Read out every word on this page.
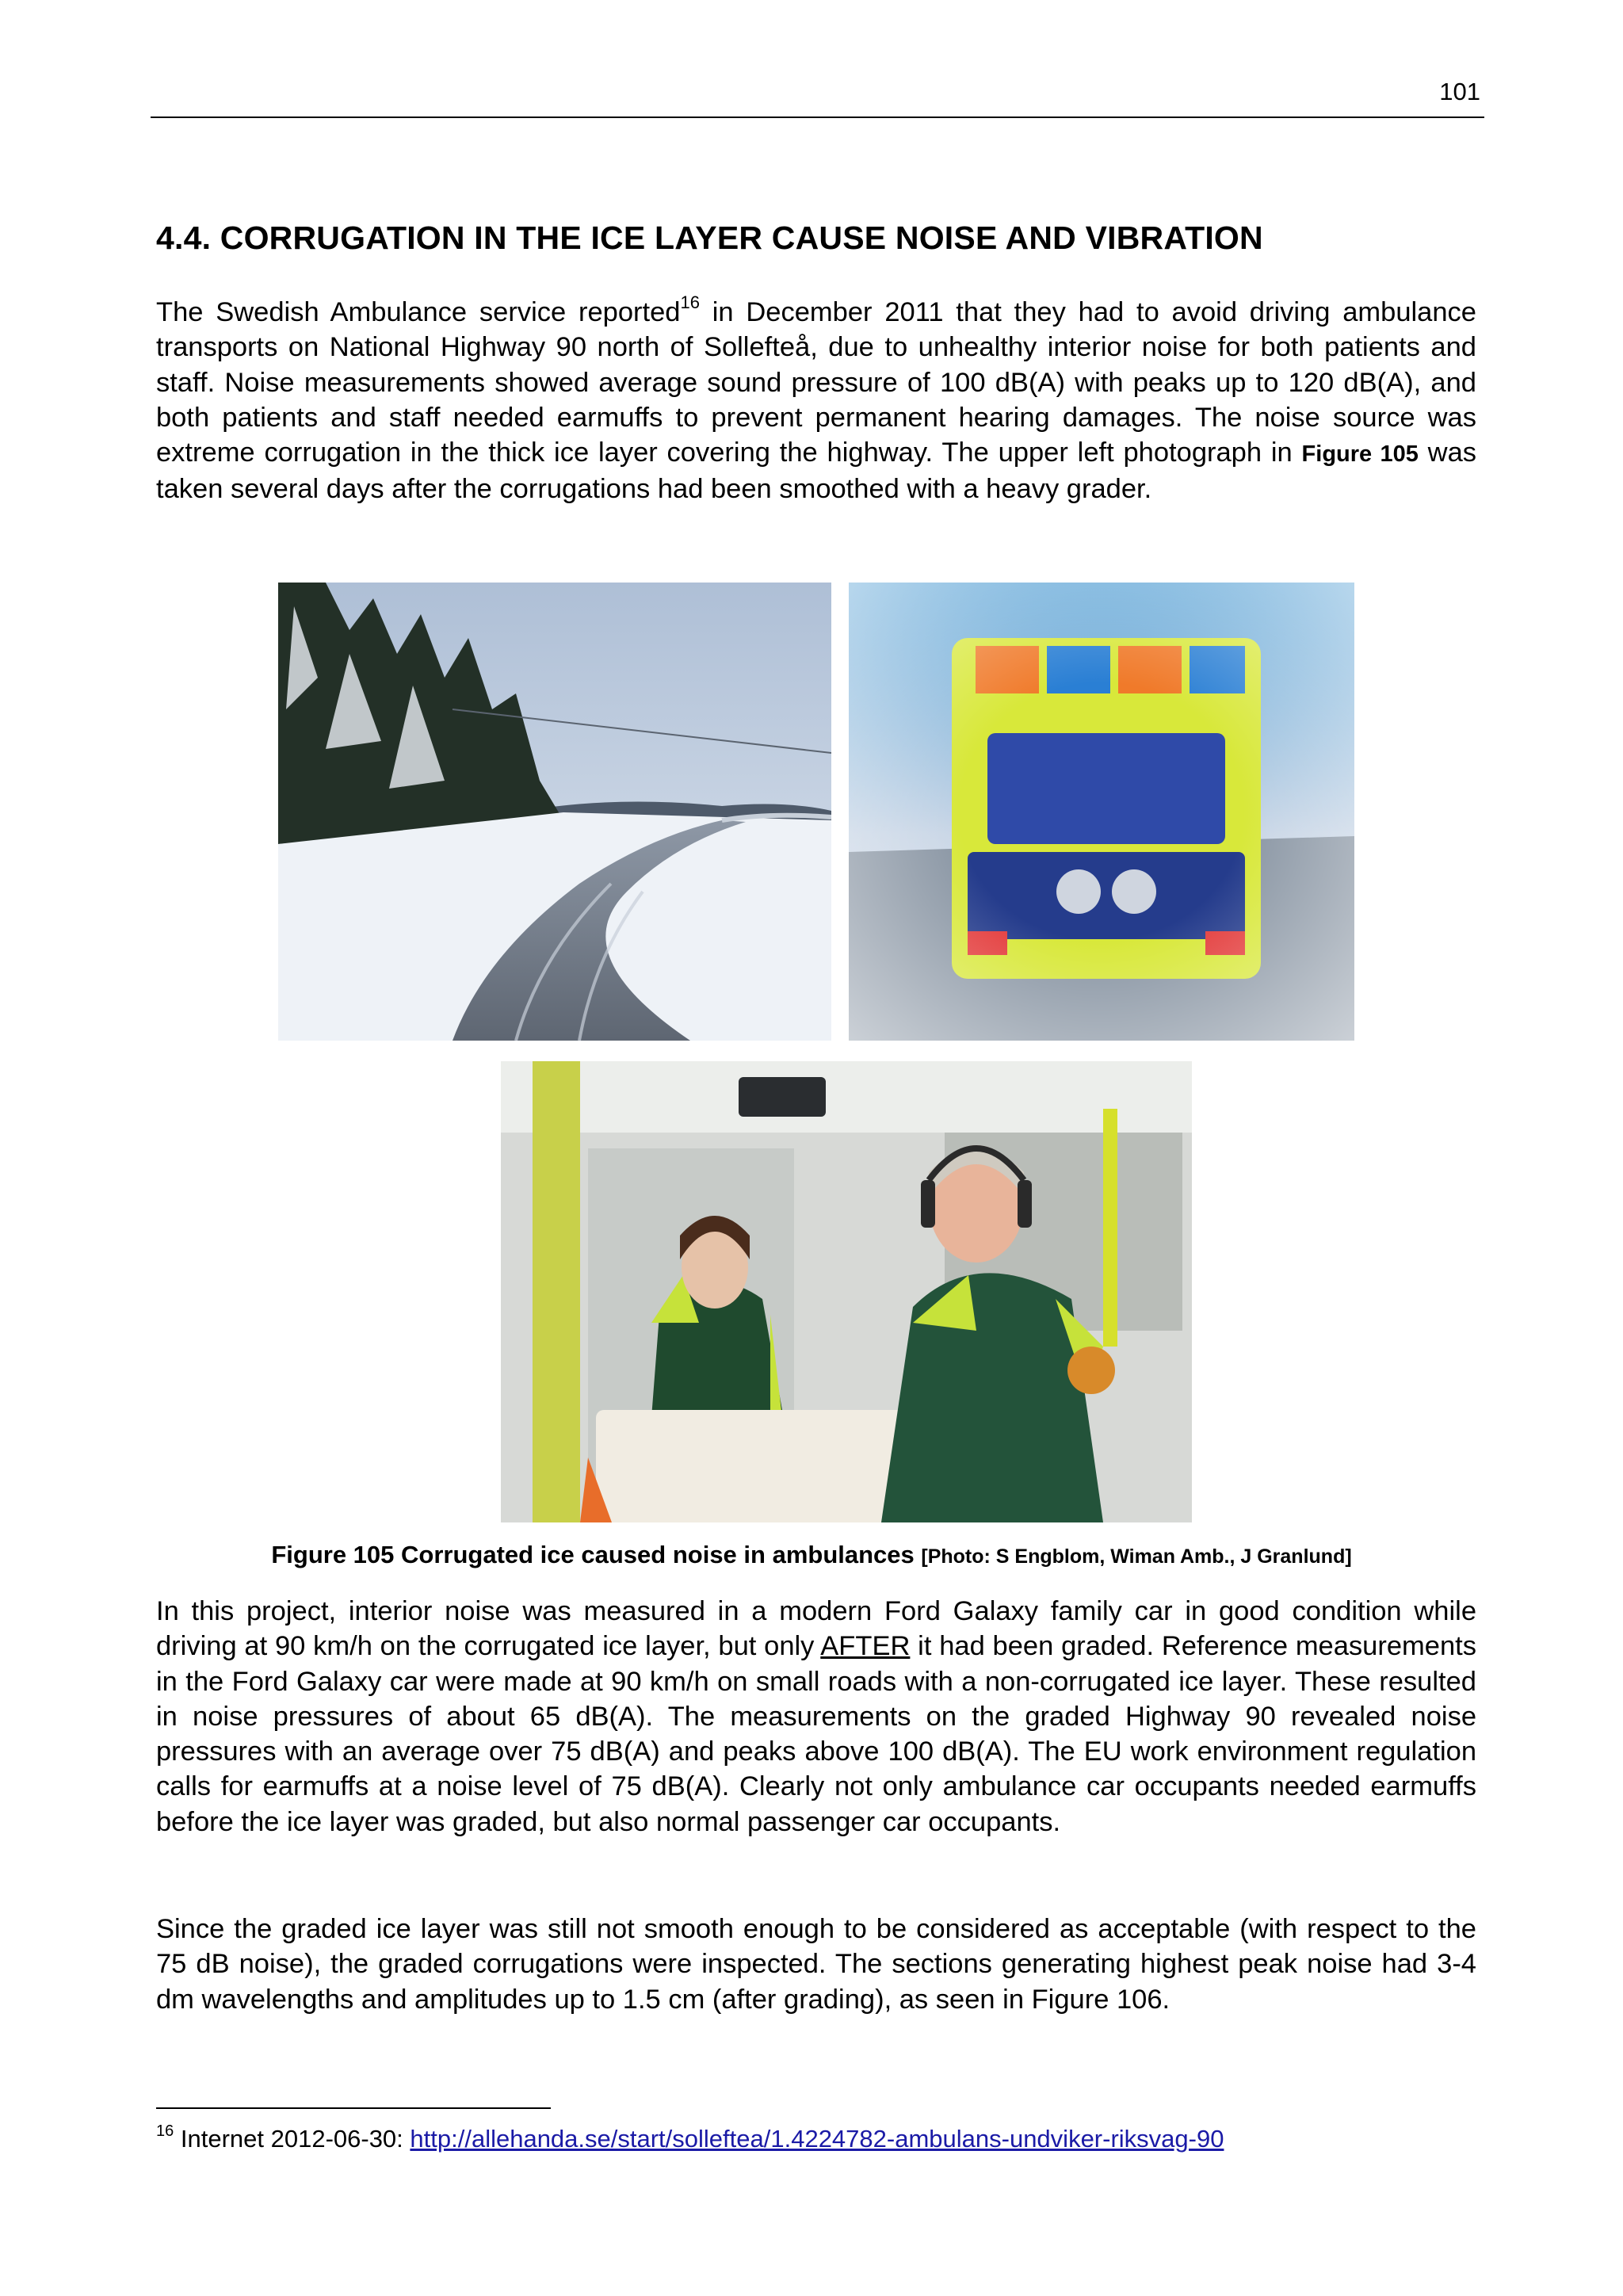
101
4.4. CORRUGATION IN THE ICE LAYER CAUSE NOISE AND VIBRATION

The Swedish Ambulance service reported$^{16}$ in December 2011 that they had to avoid driving ambulance transports on National Highway 90 north of Sollefteå, due to unhealthy interior noise for both patients and staff. Noise measurements showed average sound pressure of 100 dB(A) with peaks up to 120 dB(A), and both patients and staff needed earmuffs to prevent permanent hearing damages. The noise source was extreme corrugation in the thick ice layer covering the highway. The upper left photograph in Figure 105 was taken several days after the corrugations had been smoothed with a heavy grader.

Figure 105 Corrugated ice caused noise in ambulances [Photo: S Engblom, Wiman Amb., J Granlund]

In this project, interior noise was measured in a modern Ford Galaxy family car in good condition while driving at 90 km/h on the corrugated ice layer, but only AFTER it had been graded. Reference measurements in the Ford Galaxy car were made at 90 km/h on small roads with a non-corrugated ice layer. These resulted in noise pressures of about 65 dB(A). The measurements on the graded Highway 90 revealed noise pressures with an average over 75 dB(A) and peaks above 100 dB(A). The EU work environment regulation calls for earmuffs at a noise level of 75 dB(A). Clearly not only ambulance car occupants needed earmuffs before the ice layer was graded, but also normal passenger car occupants.

Since the graded ice layer was still not smooth enough to be considered as acceptable (with respect to the 75 dB noise), the graded corrugations were inspected. The sections generating highest peak noise had 3-4 dm wavelengths and amplitudes up to 1.5 cm (after grading), as seen in Figure 106.

$^{16}$ Internet 2012-06-30: http://allehanda.se/start/solleftea/1.4224782-ambulans-undviker-riksvag-90
